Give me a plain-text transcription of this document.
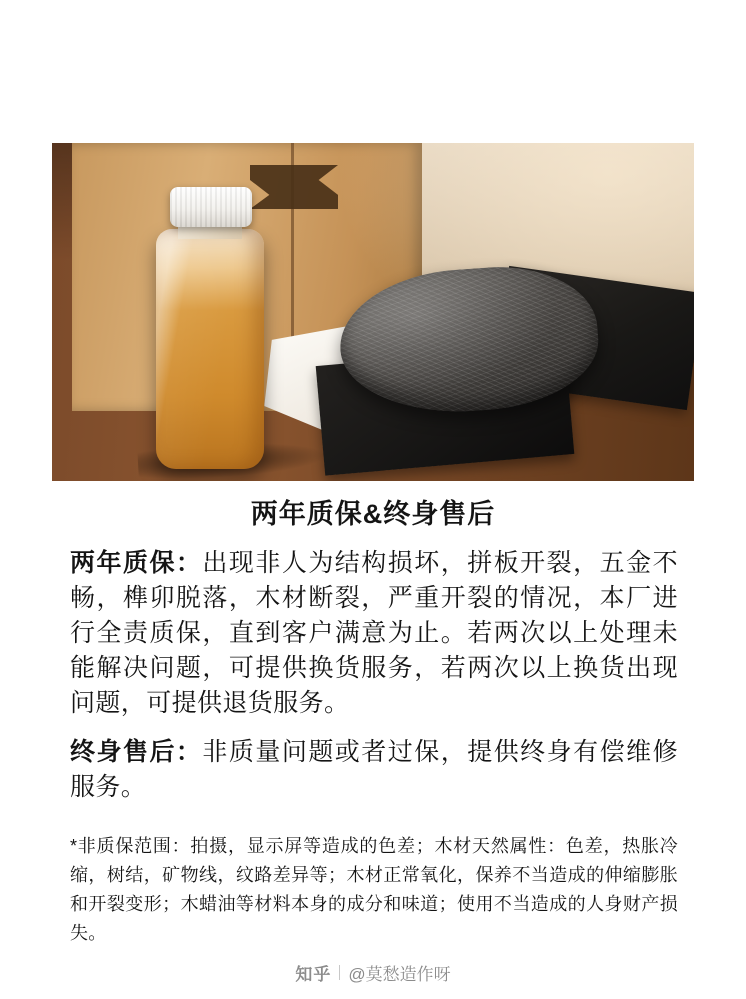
两年质保&终身售后
两年质保：出现非人为结构损坏，拼板开裂，五金不畅，榫卯脱落，木材断裂，严重开裂的情况，本厂进行全责质保，直到客户满意为止。若两次以上处理未能解决问题，可提供换货服务，若两次以上换货出现问题，可提供退货服务。
终身售后：非质量问题或者过保，提供终身有偿维修服务。
*非质保范围：拍摄，显示屏等造成的色差；木材天然属性：色差，热胀冷缩，树结，矿物线，纹路差异等；木材正常氧化，保养不当造成的伸缩膨胀和开裂变形；木蜡油等材料本身的成分和味道；使用不当造成的人身财产损失。
知乎 @莫愁造作呀
